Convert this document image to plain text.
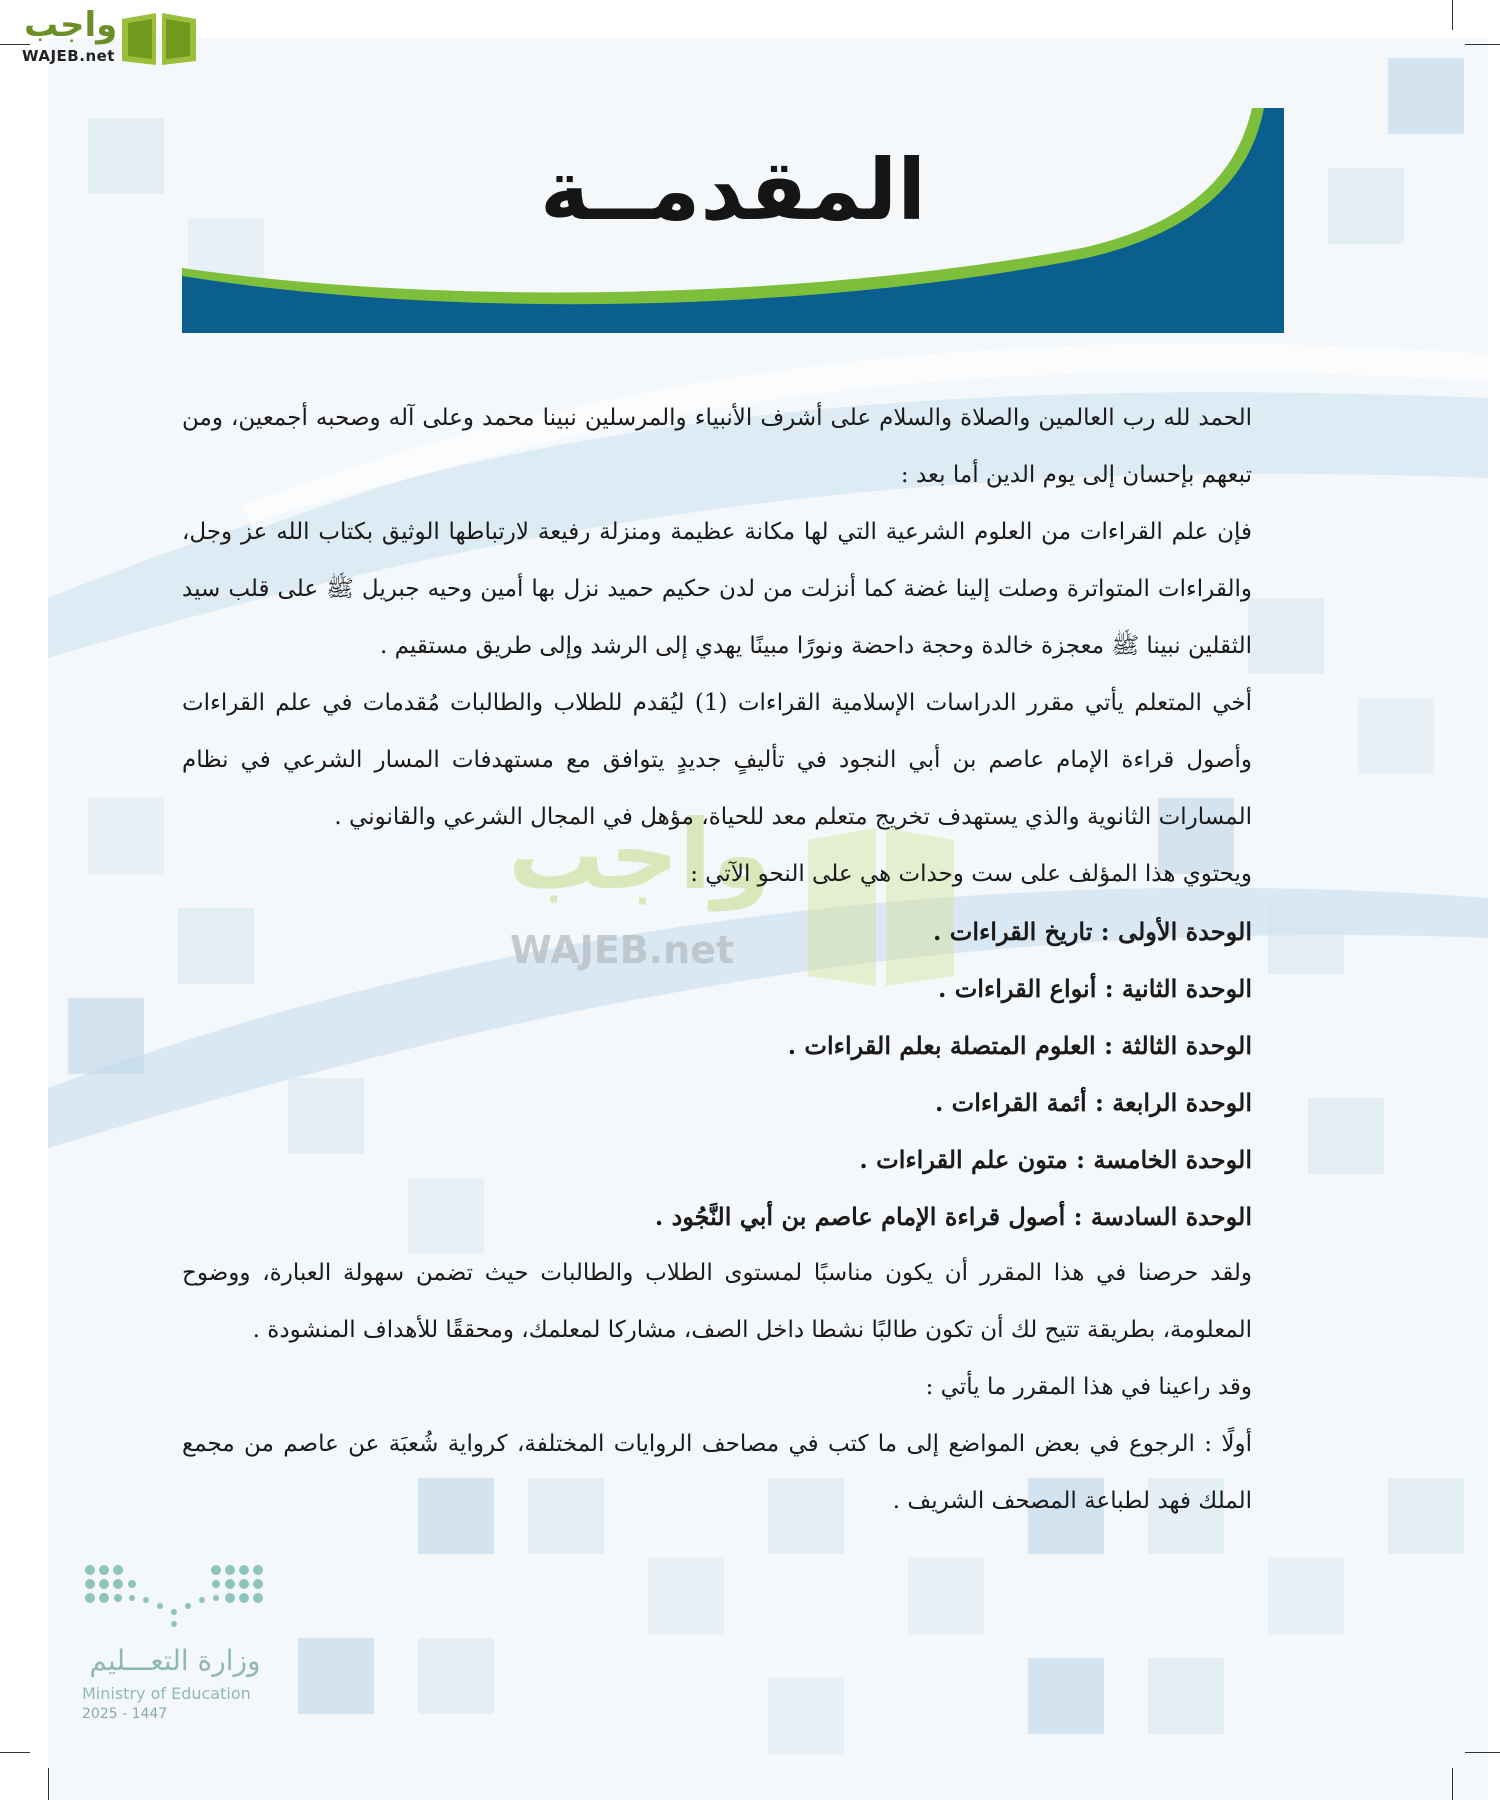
واجب
WAJEB.net
المقدمــة
واجب
WAJEB.net

الحمد لله رب العالمين والصلاة والسلام على أشرف الأنبياء والمرسلين نبينا محمد وعلى آله وصحبه أجمعين، ومن تبعهم بإحسان إلى يوم الدين أما بعد :

فإن علم القراءات من العلوم الشرعية التي لها مكانة عظيمة ومنزلة رفيعة لارتباطها الوثيق بكتاب الله عز وجل، والقراءات المتواترة وصلت إلينا غضة كما أنزلت من لدن حكيم حميد نزل بها أمين وحيه جبريل ﷺ على قلب سيد الثقلين نبينا ﷺ معجزة خالدة وحجة داحضة ونورًا مبينًا يهدي إلى الرشد وإلى طريق مستقيم .

أخي المتعلم يأتي مقرر الدراسات الإسلامية القراءات (1) ليُقدم للطلاب والطالبات مُقدمات في علم القراءات وأصول قراءة الإمام عاصم بن أبي النجود في تأليفٍ جديدٍ يتوافق مع مستهدفات المسار الشرعي في نظام المسارات الثانوية والذي يستهدف تخريج متعلم معد للحياة، مؤهل في المجال الشرعي والقانوني .

ويحتوي هذا المؤلف على ست وحدات هي على النحو الآتي :

الوحدة الأولى : تاريخ القراءات .
الوحدة الثانية : أنواع القراءات .
الوحدة الثالثة : العلوم المتصلة بعلم القراءات .
الوحدة الرابعة : أئمة القراءات .
الوحدة الخامسة : متون علم القراءات .
الوحدة السادسة : أصول قراءة الإمام عاصم بن أبي النَّجُود .

ولقد حرصنا في هذا المقرر أن يكون مناسبًا لمستوى الطلاب والطالبات حيث تضمن سهولة العبارة، ووضوح المعلومة، بطريقة تتيح لك أن تكون طالبًا نشطا داخل الصف، مشاركا لمعلمك، ومحققًا للأهداف المنشودة .

وقد راعينا في هذا المقرر ما يأتي :

أولًا : الرجوع في بعض المواضع إلى ما كتب في مصاحف الروايات المختلفة، كرواية شُعبَة عن عاصم من مجمع الملك فهد لطباعة المصحف الشريف .

وزارة التعـــليم
Ministry of Education
2025 - 1447
